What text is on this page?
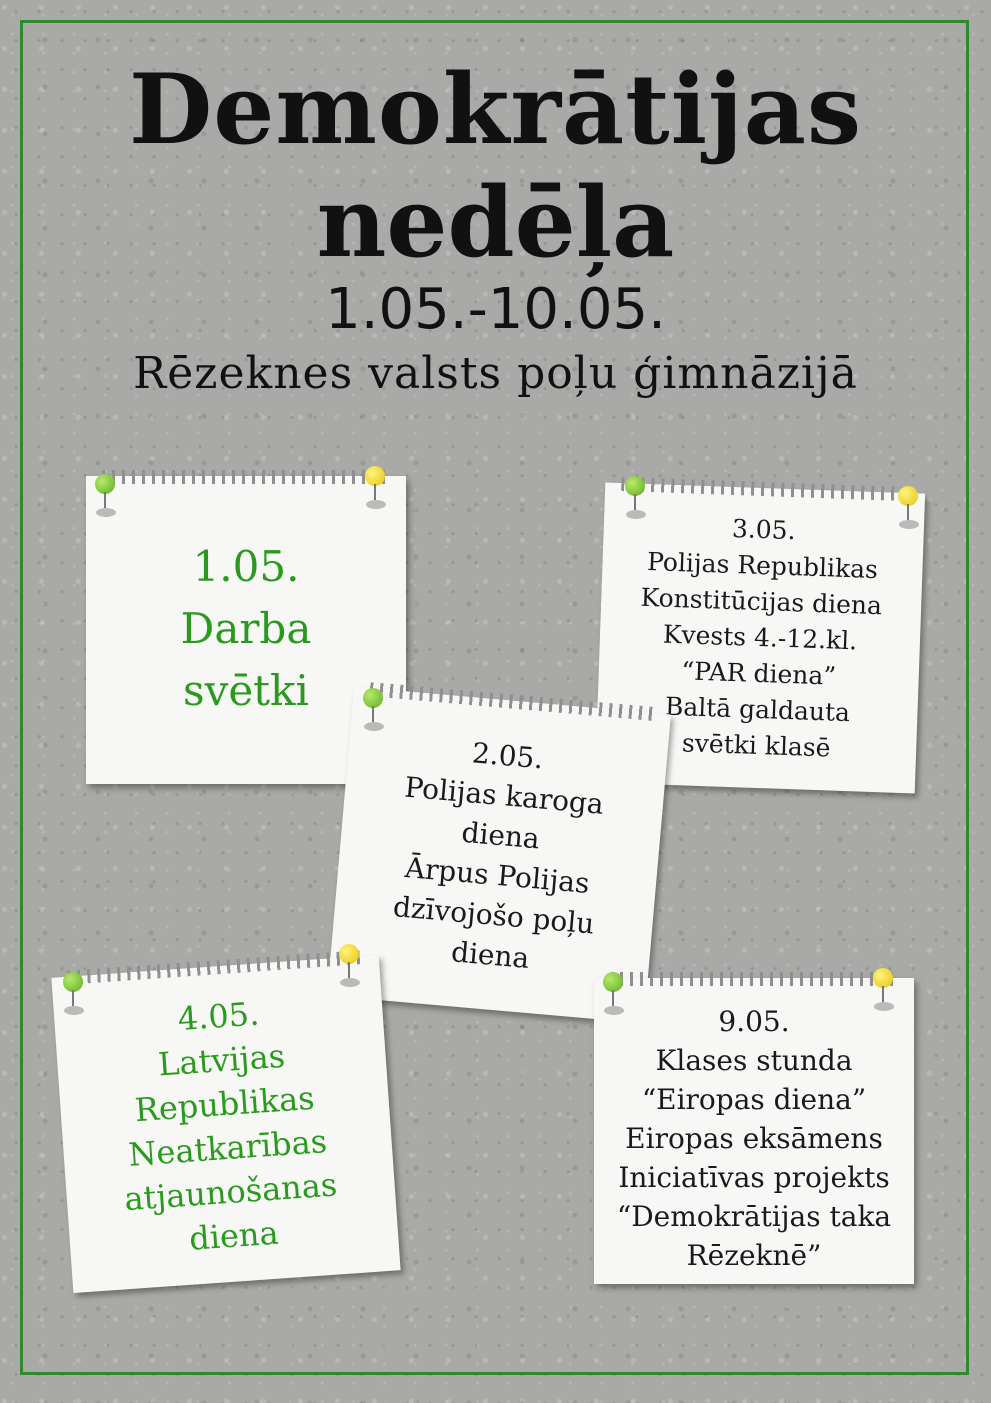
Demokrātijas
nedēļa
1.05.-10.05.
Rēzeknes valsts poļu ģimnāzijā
1.05.
Darba
svētki
3.05.
Polijas Republikas
Konstitūcijas diena
Kvests 4.-12.kl.
“PAR diena”
Baltā galdauta
svētki klasē
2.05.
Polijas karoga
diena
Ārpus Polijas
dzīvojošo poļu
diena
4.05.
Latvijas
Republikas
Neatkarības
atjaunošanas
diena
9.05.
Klases stunda
“Eiropas diena”
Eiropas eksāmens
Iniciatīvas projekts
“Demokrātijas taka
Rēzeknē”
